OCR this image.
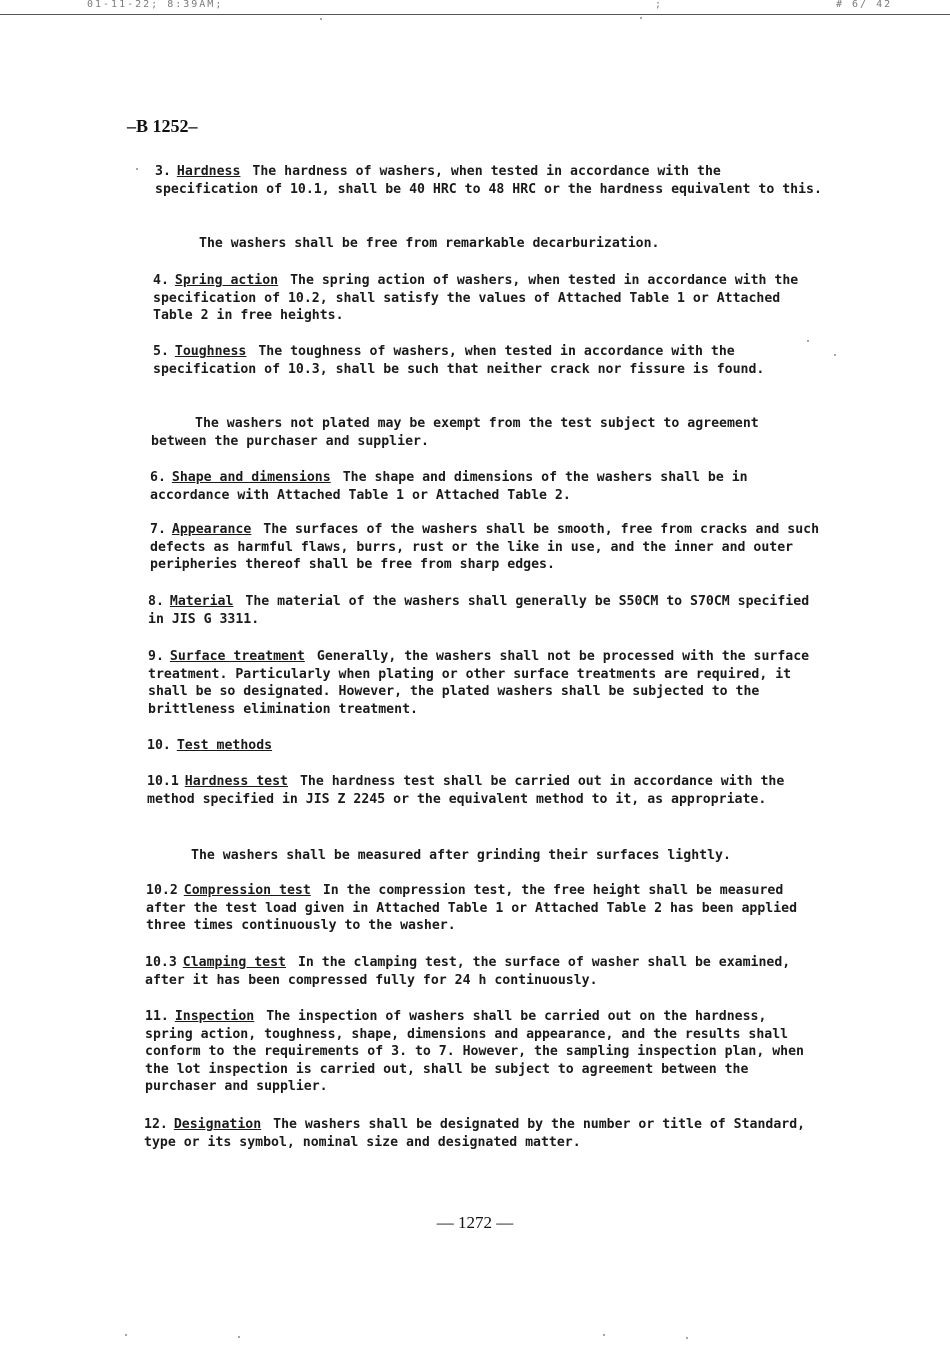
01-11-22; 8:39AM;	;	# 6/ 42
–B 1252–
3. Hardness The hardness of washers, when tested in accordance with the specification of 10.1, shall be 40 HRC to 48 HRC or the hardness equivalent to this.
The washers shall be free from remarkable decarburization.
4. Spring action The spring action of washers, when tested in accordance with the specification of 10.2, shall satisfy the values of Attached Table 1 or Attached Table 2 in free heights.
5. Toughness The toughness of washers, when tested in accordance with the specification of 10.3, shall be such that neither crack nor fissure is found.
The washers not plated may be exempt from the test subject to agreement between the purchaser and supplier.
6. Shape and dimensions The shape and dimensions of the washers shall be in accordance with Attached Table 1 or Attached Table 2.
7. Appearance The surfaces of the washers shall be smooth, free from cracks and such defects as harmful flaws, burrs, rust or the like in use, and the inner and outer peripheries thereof shall be free from sharp edges.
8. Material The material of the washers shall generally be S50CM to S70CM specified in JIS G 3311.
9. Surface treatment Generally, the washers shall not be processed with the surface treatment. Particularly when plating or other surface treatments are required, it shall be so designated. However, the plated washers shall be subjected to the brittleness elimination treatment.
10. Test methods
10.1 Hardness test The hardness test shall be carried out in accordance with the method specified in JIS Z 2245 or the equivalent method to it, as appropriate.
The washers shall be measured after grinding their surfaces lightly.
10.2 Compression test In the compression test, the free height shall be measured after the test load given in Attached Table 1 or Attached Table 2 has been applied three times continuously to the washer.
10.3 Clamping test In the clamping test, the surface of washer shall be examined, after it has been compressed fully for 24 h continuously.
11. Inspection The inspection of washers shall be carried out on the hardness, spring action, toughness, shape, dimensions and appearance, and the results shall conform to the requirements of 3. to 7. However, the sampling inspection plan, when the lot inspection is carried out, shall be subject to agreement between the purchaser and supplier.
12. Designation The washers shall be designated by the number or title of Standard, type or its symbol, nominal size and designated matter.
— 1272 —
